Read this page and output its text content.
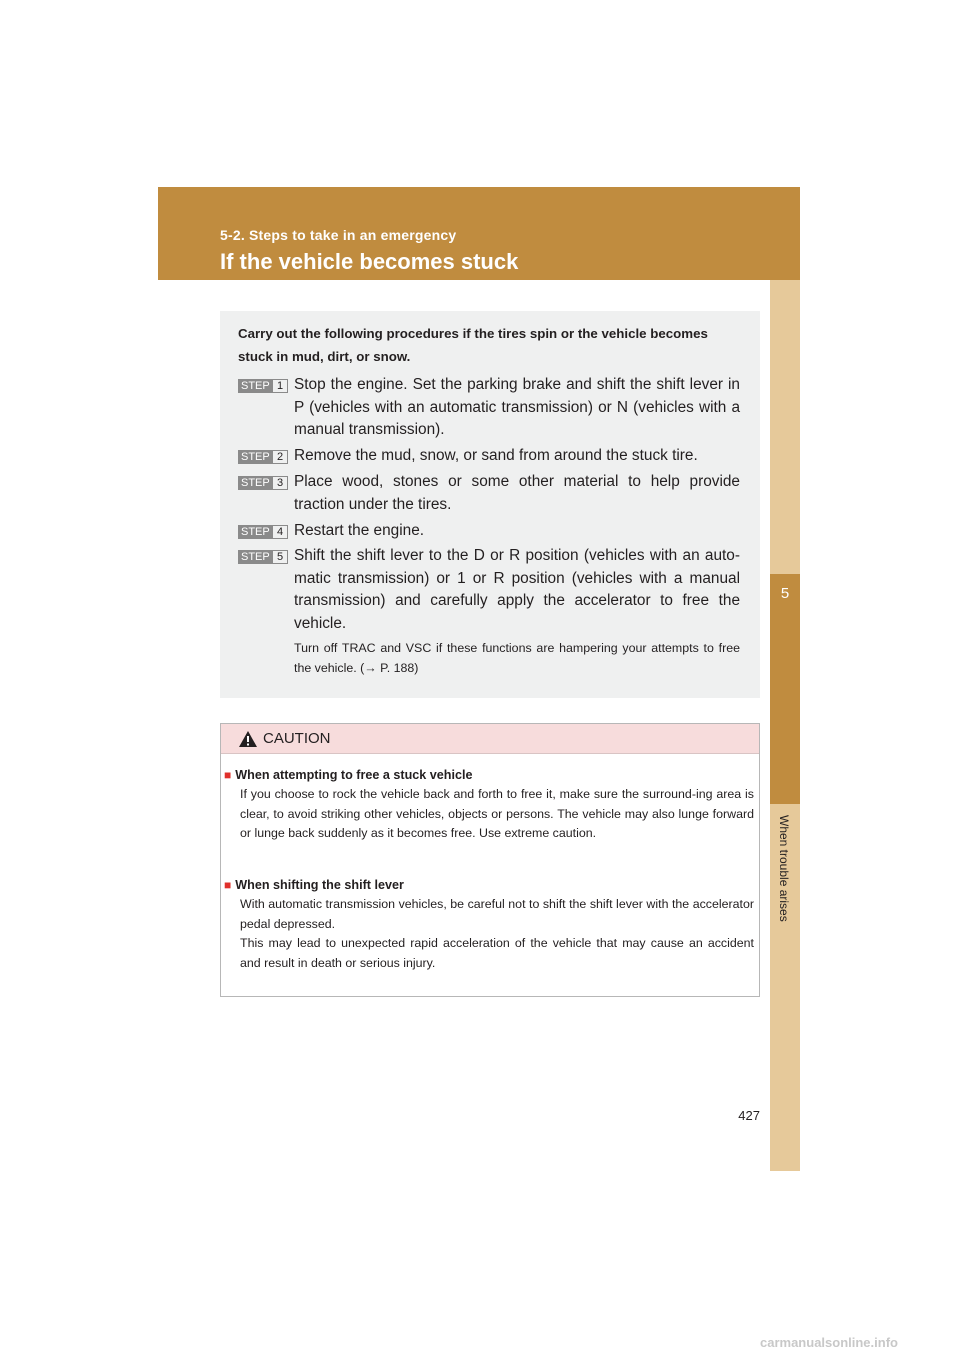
5-2. Steps to take in an emergency
If the vehicle becomes stuck
5
When trouble arises
Carry out the following procedures if the tires spin or the vehicle becomes stuck in mud, dirt, or snow.
STEP 1 Stop the engine. Set the parking brake and shift the shift lever in P (vehicles with an automatic transmission) or N (vehicles with a manual transmission).
STEP 2 Remove the mud, snow, or sand from around the stuck tire.
STEP 3 Place wood, stones or some other material to help provide traction under the tires.
STEP 4 Restart the engine.
STEP 5 Shift the shift lever to the D or R position (vehicles with an auto-matic transmission) or 1 or R position (vehicles with a manual transmission) and carefully apply the accelerator to free the vehicle.
Turn off TRAC and VSC if these functions are hampering your attempts to free the vehicle. (→ P. 188)
CAUTION
■ When attempting to free a stuck vehicle
If you choose to rock the vehicle back and forth to free it, make sure the surround-ing area is clear, to avoid striking other vehicles, objects or persons. The vehicle may also lunge forward or lunge back suddenly as it becomes free. Use extreme caution.
■ When shifting the shift lever
With automatic transmission vehicles, be careful not to shift the shift lever with the accelerator pedal depressed.
This may lead to unexpected rapid acceleration of the vehicle that may cause an accident and result in death or serious injury.
427
carmanualsonline.info
